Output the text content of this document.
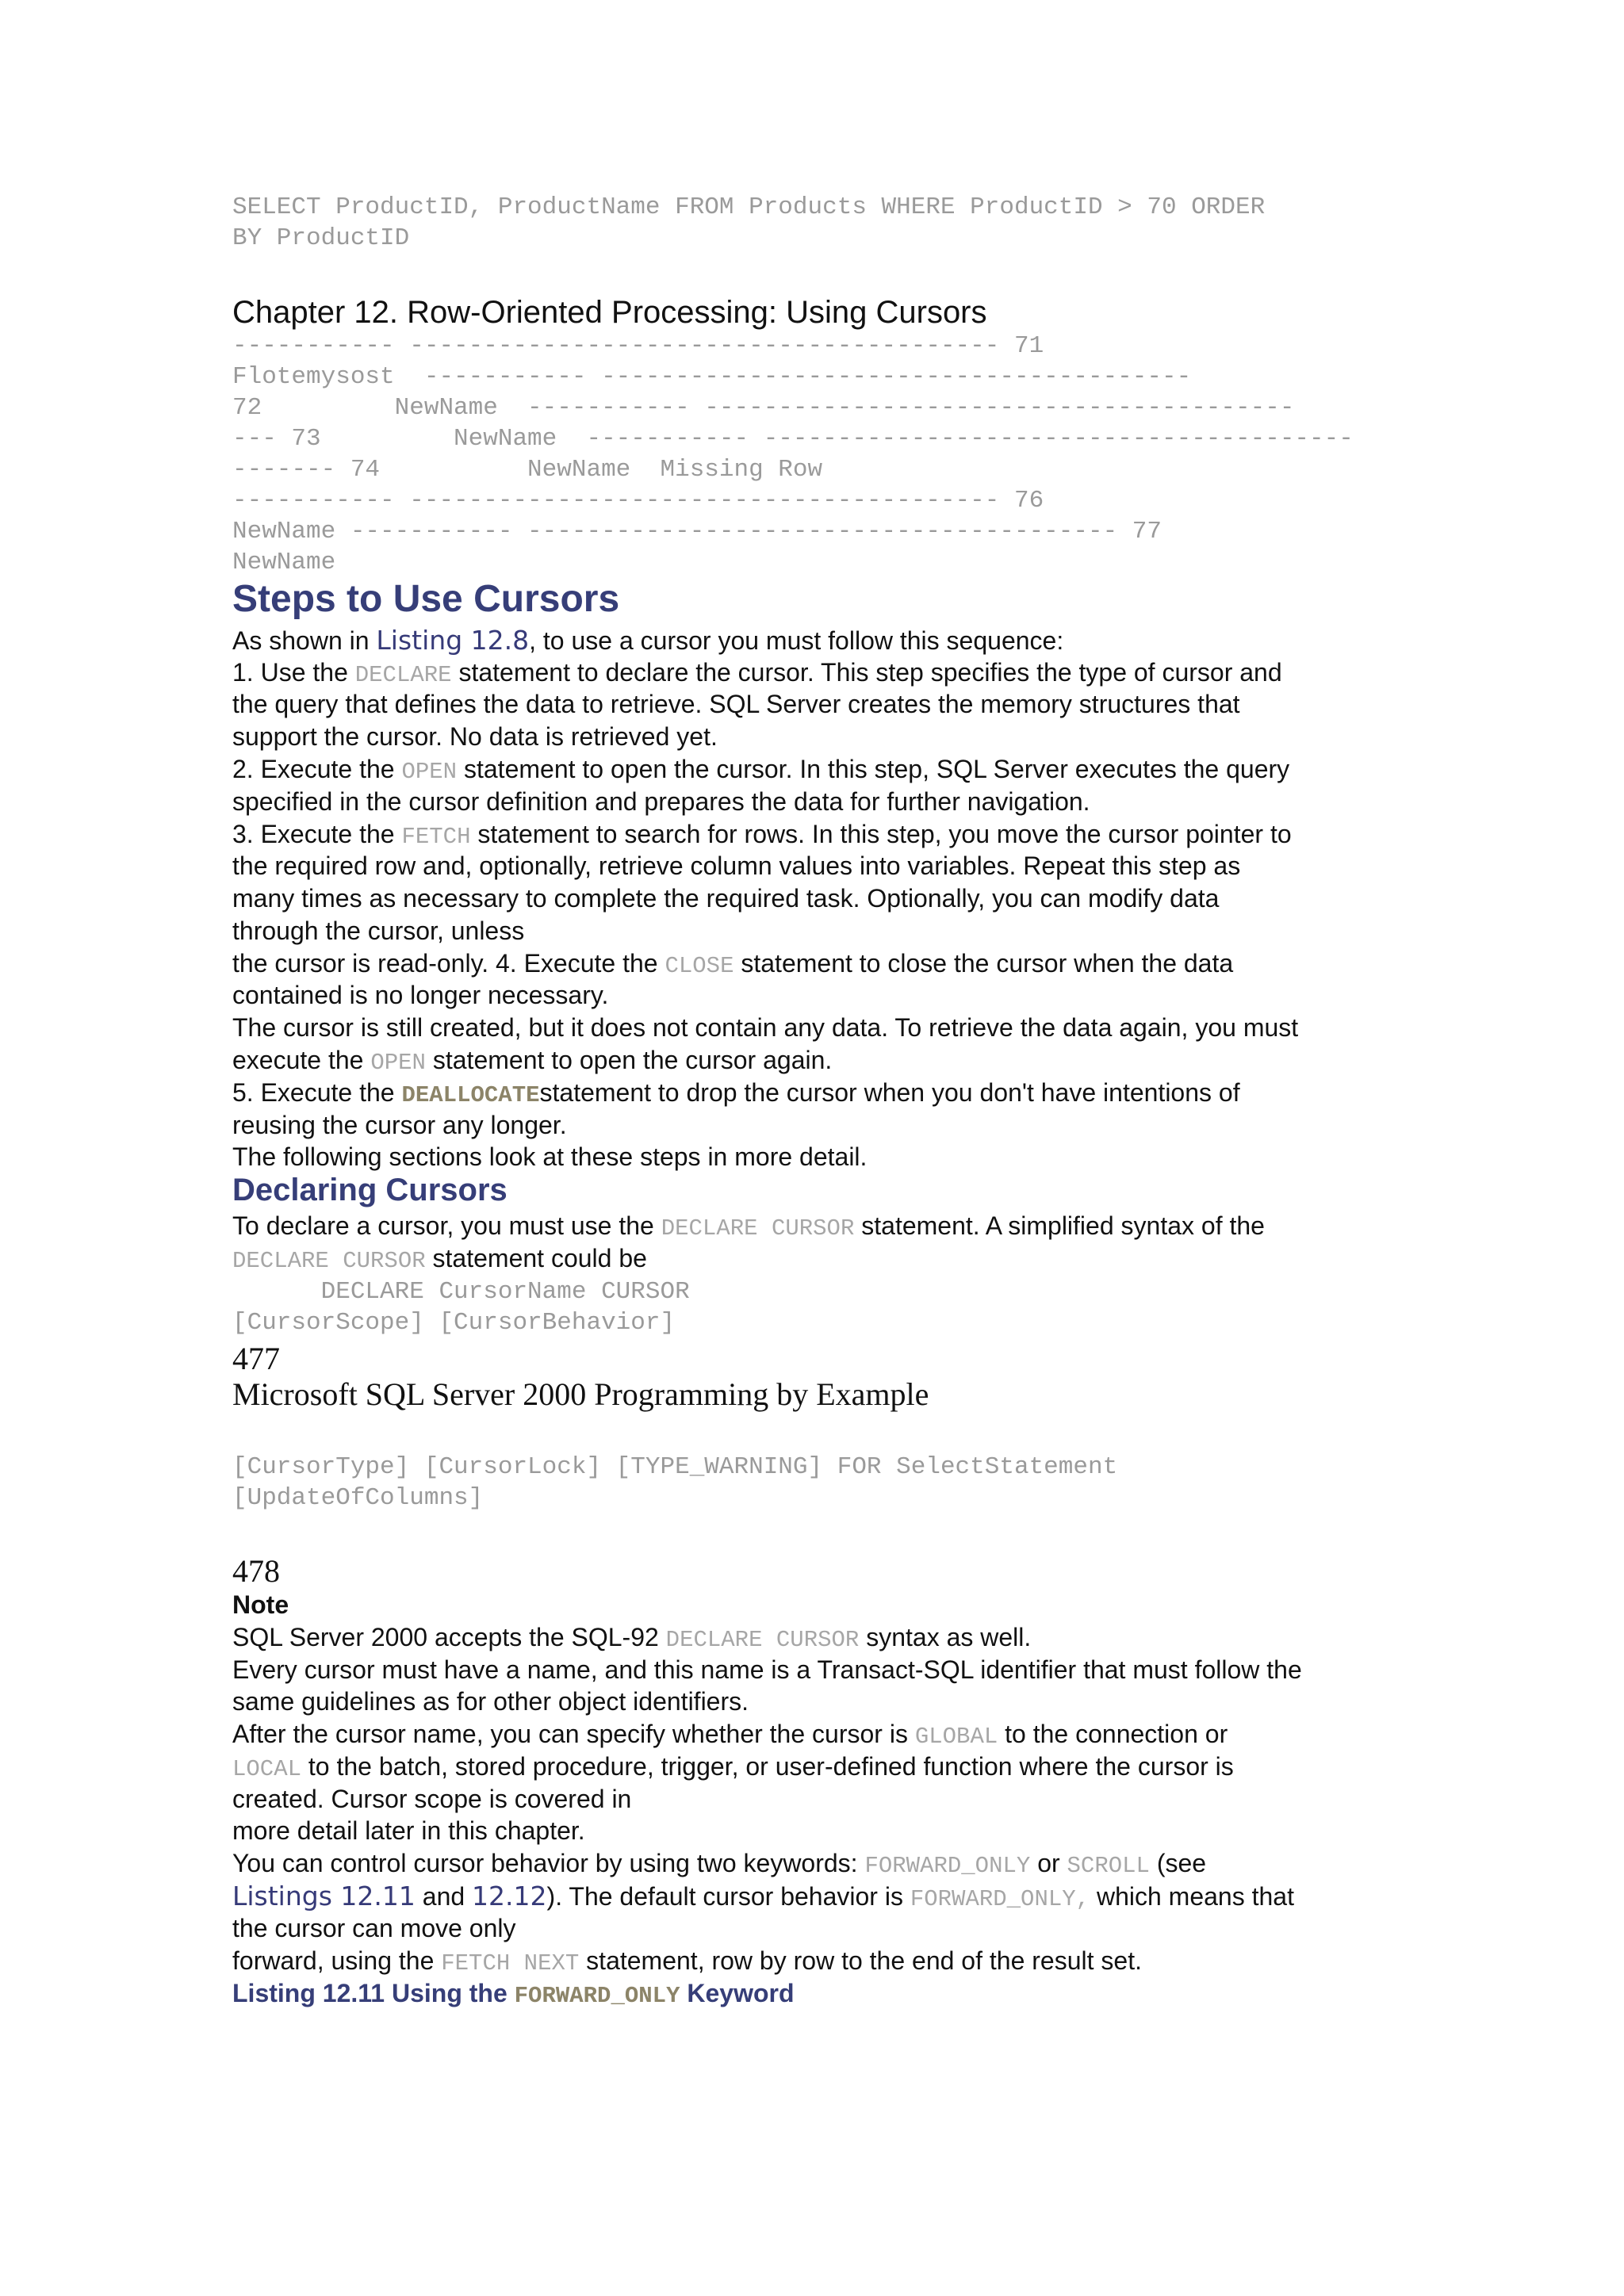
SELECT ProductID, ProductName FROM Products WHERE ProductID > 70 ORDER
BY ProductID
Chapter 12. Row-Oriented Processing: Using Cursors
----------- ---------------------------------------- 71
Flotemysost  ----------- ----------------------------------------
72         NewName  ----------- ----------------------------------------
--- 73         NewName  ----------- ----------------------------------------
------- 74          NewName  Missing Row
----------- ---------------------------------------- 76
NewName ----------- ---------------------------------------- 77
NewName
Steps to Use Cursors
As shown in Listing 12.8, to use a cursor you must follow this sequence:
1. Use the DECLARE statement to declare the cursor. This step specifies the type of cursor and
the query that defines the data to retrieve. SQL Server creates the memory structures that
support the cursor. No data is retrieved yet.
2. Execute the OPEN statement to open the cursor. In this step, SQL Server executes the query
specified in the cursor definition and prepares the data for further navigation.
3. Execute the FETCH statement to search for rows. In this step, you move the cursor pointer to
the required row and, optionally, retrieve column values into variables. Repeat this step as
many times as necessary to complete the required task. Optionally, you can modify data
through the cursor, unless
the cursor is read-only. 4. Execute the CLOSE statement to close the cursor when the data
contained is no longer necessary.
The cursor is still created, but it does not contain any data. To retrieve the data again, you must
execute the OPEN statement to open the cursor again.
5. Execute the DEALLOCATEstatement to drop the cursor when you don't have intentions of
reusing the cursor any longer.
The following sections look at these steps in more detail.
Declaring Cursors
To declare a cursor, you must use the DECLARE CURSOR statement. A simplified syntax of the
DECLARE CURSOR statement could be
DECLARE CursorName CURSOR
[CursorScope] [CursorBehavior]
477
Microsoft SQL Server 2000 Programming by Example
[CursorType] [CursorLock] [TYPE_WARNING] FOR SelectStatement
[UpdateOfColumns]
478
Note
SQL Server 2000 accepts the SQL-92 DECLARE CURSOR syntax as well.
Every cursor must have a name, and this name is a Transact-SQL identifier that must follow the
same guidelines as for other object identifiers.
After the cursor name, you can specify whether the cursor is GLOBAL to the connection or
LOCAL to the batch, stored procedure, trigger, or user-defined function where the cursor is
created. Cursor scope is covered in
more detail later in this chapter.
You can control cursor behavior by using two keywords: FORWARD_ONLY or SCROLL (see
Listings 12.11 and 12.12). The default cursor behavior is FORWARD_ONLY, which means that
the cursor can move only
forward, using the FETCH NEXT statement, row by row to the end of the result set.
Listing 12.11 Using the FORWARD_ONLY Keyword
